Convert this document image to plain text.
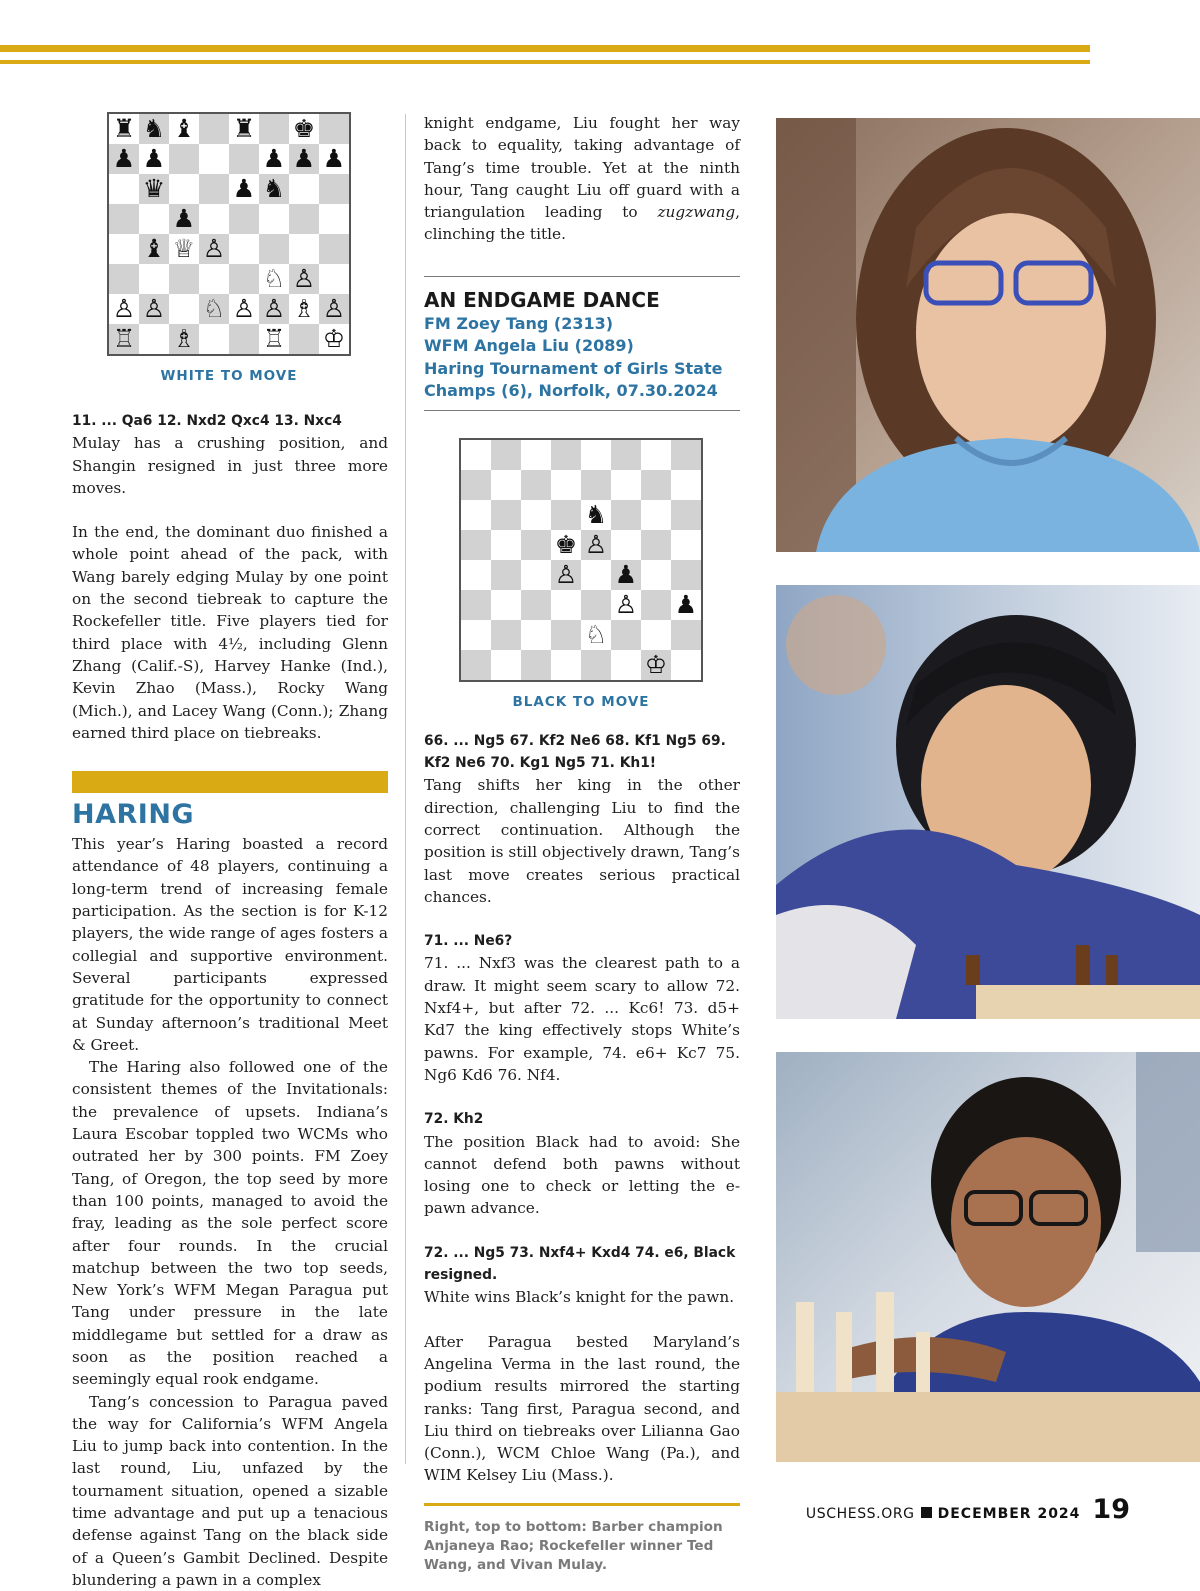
♜ ♞ ♝ ♜ ♚
♟ ♟	♟ ♟ ♟
♛	♟ ♞
♟
♝ ♕ ♙
♘ ♙
♙ ♙ ♘ ♙ ♙ ♗ ♙
♖ ♗	♖ ♔
WHITE TO MOVE
11. ... Qa6 12. Nxd2 Qxc4 13. Nxc4

Mulay has a crushing position, and Shangin resigned in just three more moves.

In the end, the dominant duo finished a whole point ahead of the pack, with Wang barely edging Mulay by one point on the second tiebreak to capture the Rockefeller title. Five players tied for third place with 4½, including Glenn Zhang (Calif.-S), Harvey Hanke (Ind.), Kevin Zhao (Mass.), Rocky Wang (Mich.), and Lacey Wang (Conn.); Zhang earned third place on tiebreaks.

HARING

This year’s Haring boasted a record attendance of 48 players, continuing a long-term trend of increasing female participation. As the section is for K-12 players, the wide range of ages fosters a collegial and supportive environment. Several participants expressed gratitude for the opportunity to connect at Sunday afternoon’s traditional Meet & Greet.

The Haring also followed one of the consistent themes of the Invitationals: the prevalence of upsets. Indiana’s Laura Escobar toppled two WCMs who outrated her by 300 points. FM Zoey Tang, of Oregon, the top seed by more than 100 points, managed to avoid the fray, leading as the sole perfect score after four rounds. In the crucial matchup between the two top seeds, New York’s WFM Megan Paragua put Tang under pressure in the late middlegame but settled for a draw as soon as the position reached a seemingly equal rook endgame.

Tang’s concession to Paragua paved the way for California’s WFM Angela Liu to jump back into contention. In the last round, Liu, unfazed by the tournament situation, opened a sizable time advantage and put up a tenacious defense against Tang on the black side of a Queen’s Gambit Declined. Despite blundering a pawn in a complex

knight endgame, Liu fought her way back to equality, taking advantage of Tang’s time trouble. Yet at the ninth hour, Tang caught Liu off guard with a triangulation leading to zugzwang, clinching the title.

AN ENDGAME DANCE
FM Zoey Tang (2313)
WFM Angela Liu (2089)
Haring Tournament of Girls State Champs (6), Norfolk, 07.30.2024
♞
♚ ♙
♙ ♟
♙ ♟
♘
♔
BLACK TO MOVE
66. ... Ng5 67. Kf2 Ne6 68. Kf1 Ng5 69. Kf2 Ne6 70. Kg1 Ng5 71. Kh1!

Tang shifts her king in the other direction, challenging Liu to find the correct continuation. Although the position is still objectively drawn, Tang’s last move creates serious practical chances.

71. ... Ne6?

71. ... Nxf3 was the clearest path to a draw. It might seem scary to allow 72. Nxf4+, but after 72. ... Kc6! 73. d5+ Kd7 the king effectively stops White’s pawns. For example, 74. e6+ Kc7 75. Ng6 Kd6 76. Nf4.

72. Kh2

The position Black had to avoid: She cannot defend both pawns without losing one to check or letting the e-pawn advance.

72. ... Ng5 73. Nxf4+ Kxd4 74. e6, Black resigned.

White wins Black’s knight for the pawn.

After Paragua bested Maryland’s Angelina Verma in the last round, the podium results mirrored the starting ranks: Tang first, Paragua second, and Liu third on tiebreaks over Lilianna Gao (Conn.), WCM Chloe Wang (Pa.), and WIM Kelsey Liu (Mass.).

Right, top to bottom: Barber champion Anjaneya Rao; Rockefeller winner Ted Wang, and Vivan Mulay.
USCHESS.ORG DECEMBER 2024 19
